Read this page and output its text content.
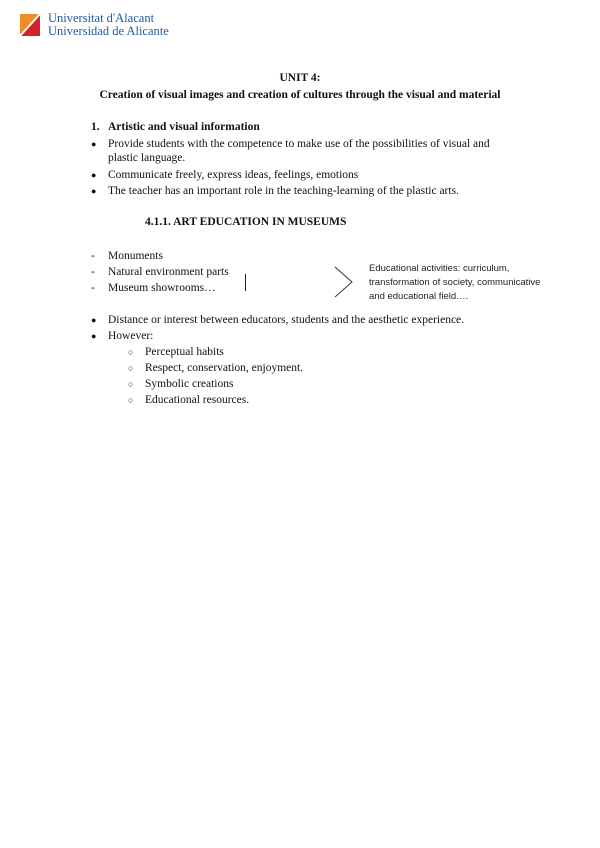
Universitat d'Alacant
Universidad de Alicante
UNIT 4:
Creation of visual images and creation of cultures through the visual and material
1. Artistic and visual information
● Provide students with the competence to make use of the possibilities of visual and
plastic language.
● Communicate freely, express ideas, feelings, emotions
● The teacher has an important role in the teaching-learning of the plastic arts.
4.1.1. ART EDUCATION IN MUSEUMS
- Monuments
- Natural environment parts
- Museum showrooms…
Educational activities: curriculum,
transformation of society, communicative
and educational field….
● Distance or interest between educators, students and the aesthetic experience.
● However:
○ Perceptual habits
○ Respect, conservation, enjoyment.
○ Symbolic creations
○ Educational resources.
